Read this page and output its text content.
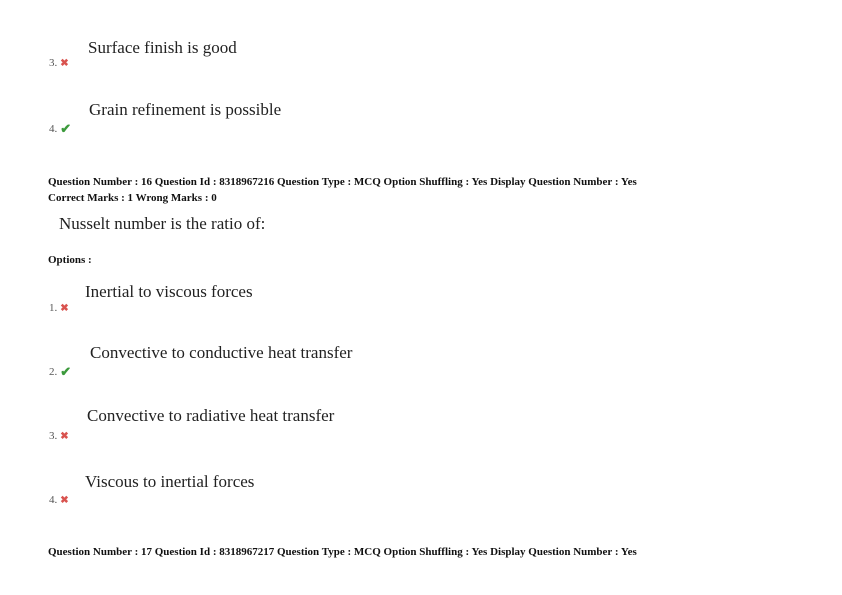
Surface finish is good
3. ✖
Grain refinement is possible
4. ✔
Question Number : 16 Question Id : 8318967216 Question Type : MCQ Option Shuffling : Yes Display Question Number : Yes
Correct Marks : 1 Wrong Marks : 0
Nusselt number is the ratio of:
Options :
Inertial to viscous forces
1. ✖
Convective to conductive heat transfer
2. ✔
Convective to radiative heat transfer
3. ✖
Viscous to inertial forces
4. ✖
Question Number : 17 Question Id : 8318967217 Question Type : MCQ Option Shuffling : Yes Display Question Number : Yes
